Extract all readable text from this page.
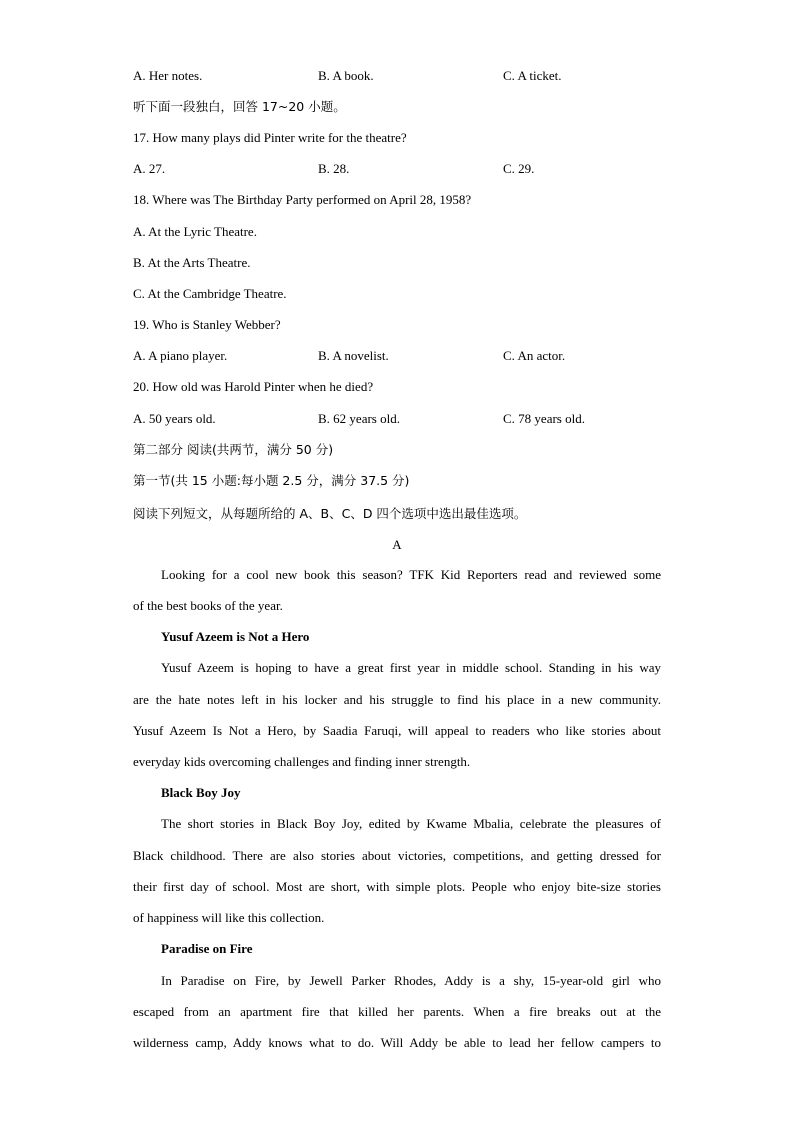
A. Her notes.	B. A book.	C. A ticket.
听下面一段独白，回答 17~20 小题。
17. How many plays did Pinter write for the theatre?
A. 27.	B. 28.	C. 29.
18. Where was The Birthday Party performed on April 28, 1958?
A. At the Lyric Theatre.
B. At the Arts Theatre.
C. At the Cambridge Theatre.
19. Who is Stanley Webber?
A. A piano player.	B. A novelist.	C. An actor.
20. How old was Harold Pinter when he died?
A. 50 years old.	B. 62 years old.	C. 78 years old.
第二部分 阅读(共两节，满分 50 分)
第一节(共 15 小题:每小题 2.5 分，满分 37.5 分)
阅读下列短文，从每题所给的 A、B、C、D 四个选项中选出最佳选项。
A
Looking for a cool new book this season? TFK Kid Reporters read and reviewed some
of the best books of the year.
Yusuf Azeem is Not a Hero
Yusuf Azeem is hoping to have a great first year in middle school. Standing in his way
are the hate notes left in his locker and his struggle to find his place in a new community.
Yusuf Azeem Is Not a Hero, by Saadia Faruqi, will appeal to readers who like stories about
everyday kids overcoming challenges and finding inner strength.
Black Boy Joy
The short stories in Black Boy Joy, edited by Kwame Mbalia, celebrate the pleasures of
Black childhood. There are also stories about victories, competitions, and getting dressed for
their first day of school. Most are short, with simple plots. People who enjoy bite-size stories
of happiness will like this collection.
Paradise on Fire
In Paradise on Fire, by Jewell Parker Rhodes, Addy is a shy, 15-year-old girl who
escaped from an apartment fire that killed her parents. When a fire breaks out at the
wilderness camp, Addy knows what to do. Will Addy be able to lead her fellow campers to
